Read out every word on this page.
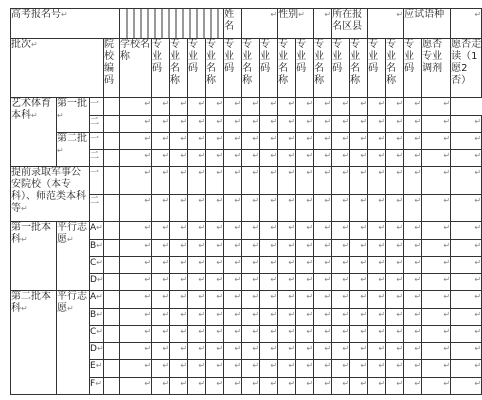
高考报名号↵									姓名	↵		性别↵		↵	所在报名区县		↵		应试语种		↵
批次↵			院校编码	学校名称	专业码	专业名称	专业码	专业名称	专业码	专业名称	专业码	专业名称	专业码	专业名称	专业码	专业名称	专业码	专业名称	专业码	愿否专业调剂	愿否走读（1愿2否）

艺术体育本科↵	第一批↵	一		↵	↵	↵	↵	↵	↵	↵	↵	↵	↵	↵	↵	↵	↵	↵	↵	↵	
		二		↵	↵	↵	↵	↵	↵	↵	↵	↵	↵	↵	↵	↵	↵	↵	↵	↵	↵
	第二批↵	一		↵	↵	↵	↵	↵	↵	↵	↵	↵	↵	↵	↵	↵	↵	↵	↵	↵	↵
		二		↵	↵	↵	↵	↵	↵	↵	↵	↵	↵	↵	↵	↵	↵	↵	↵	↵	↵
提前录取军事公安院校（本专科）、师范类本科等↵		一		↵	↵	↵	↵	↵	↵	↵	↵	↵	↵	↵	↵	↵	↵	↵	↵	↵	↵
		二		↵	↵	↵	↵	↵	↵	↵	↵	↵	↵	↵	↵	↵	↵	↵	↵	↵	↵
第一批本 科↵	平行志愿↵	A↵		↵	↵	↵	↵	↵	↵	↵	↵	↵	↵	↵	↵	↵	↵	↵	↵	↵	↵
		B↵		↵	↵	↵	↵	↵	↵	↵	↵	↵	↵	↵	↵	↵	↵	↵	↵	↵	↵
		C↵		↵	↵	↵	↵	↵	↵	↵	↵	↵	↵	↵	↵	↵	↵	↵	↵	↵	↵
		D↵		↵	↵	↵	↵	↵	↵	↵	↵	↵	↵	↵	↵	↵	↵	↵	↵	↵	↵
第二批本 科↵	平行志愿↵	A↵		↵	↵	↵	↵	↵	↵	↵	↵	↵	↵	↵	↵	↵	↵	↵	↵	↵	↵
		B↵		↵	↵	↵	↵	↵	↵	↵	↵	↵	↵	↵	↵	↵	↵	↵	↵	↵	↵
		C↵		↵	↵	↵	↵	↵	↵	↵	↵	↵	↵	↵	↵	↵	↵	↵	↵	↵	↵
		D↵		↵	↵	↵	↵	↵	↵	↵	↵	↵	↵	↵	↵	↵	↵	↵	↵	↵	↵
		E↵		↵	↵	↵	↵	↵	↵	↵	↵	↵	↵	↵	↵	↵	↵	↵	↵	↵	↵
		F↵		↵	↵	↵	↵	↵	↵	↵	↵	↵	↵	↵	↵	↵	↵	↵	↵	↵	↵
